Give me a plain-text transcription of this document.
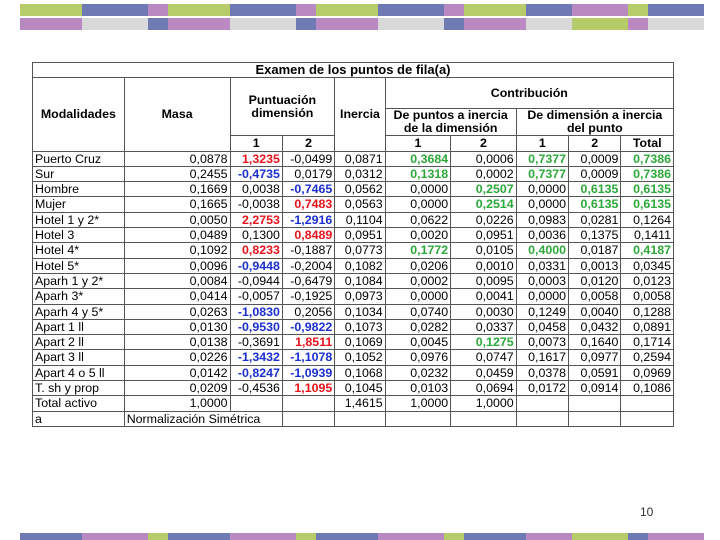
Examen de los puntos de fila(a)									
Modalidades	Masa	Puntuación dimensión		Inercia	Contribución				
					De puntos a inercia de la dimensión		De dimensión a inercia del punto		
		1	2		1	2	1	2	Total
Puerto Cruz	0,0878	1,3235	-0,0499	0,0871	0,3684	0,0006	0,7377	0,0009	0,7386
Sur	0,2455	-0,4735	0,0179	0,0312	0,1318	0,0002	0,7377	0,0009	0,7386
Hombre	0,1669	0,0038	-0,7465	0,0562	0,0000	0,2507	0,0000	0,6135	0,6135
Mujer	0,1665	-0,0038	0,7483	0,0563	0,0000	0,2514	0,0000	0,6135	0,6135
Hotel 1 y 2*	0,0050	2,2753	-1,2916	0,1104	0,0622	0,0226	0,0983	0,0281	0,1264
Hotel 3	0,0489	0,1300	0,8489	0,0951	0,0020	0,0951	0,0036	0,1375	0,1411
Hotel 4*	0,1092	0,8233	-0,1887	0,0773	0,1772	0,0105	0,4000	0,0187	0,4187
Hotel 5*	0,0096	-0,9448	-0,2004	0,1082	0,0206	0,0010	0,0331	0,0013	0,0345
Aparh 1 y 2*	0,0084	-0,0944	-0,6479	0,1084	0,0002	0,0095	0,0003	0,0120	0,0123
Aparh 3*	0,0414	-0,0057	-0,1925	0,0973	0,0000	0,0041	0,0000	0,0058	0,0058
Aparh 4 y 5*	0,0263	-1,0830	0,2056	0,1034	0,0740	0,0030	0,1249	0,0040	0,1288
Apart 1 ll	0,0130	-0,9530	-0,9822	0,1073	0,0282	0,0337	0,0458	0,0432	0,0891
Apart 2 ll	0,0138	-0,3691	1,8511	0,1069	0,0045	0,1275	0,0073	0,1640	0,1714
Apart 3 ll	0,0226	-1,3432	-1,1078	0,1052	0,0976	0,0747	0,1617	0,0977	0,2594
Apart 4 o 5 ll	0,0142	-0,8247	-1,0939	0,1068	0,0232	0,0459	0,0378	0,0591	0,0969
T. sh y prop	0,0209	-0,4536	1,1095	0,1045	0,0103	0,0694	0,0172	0,0914	0,1086
Total activo	1,0000			1,4615	1,0000	1,0000			
a	Normalización Simétrica								
10
